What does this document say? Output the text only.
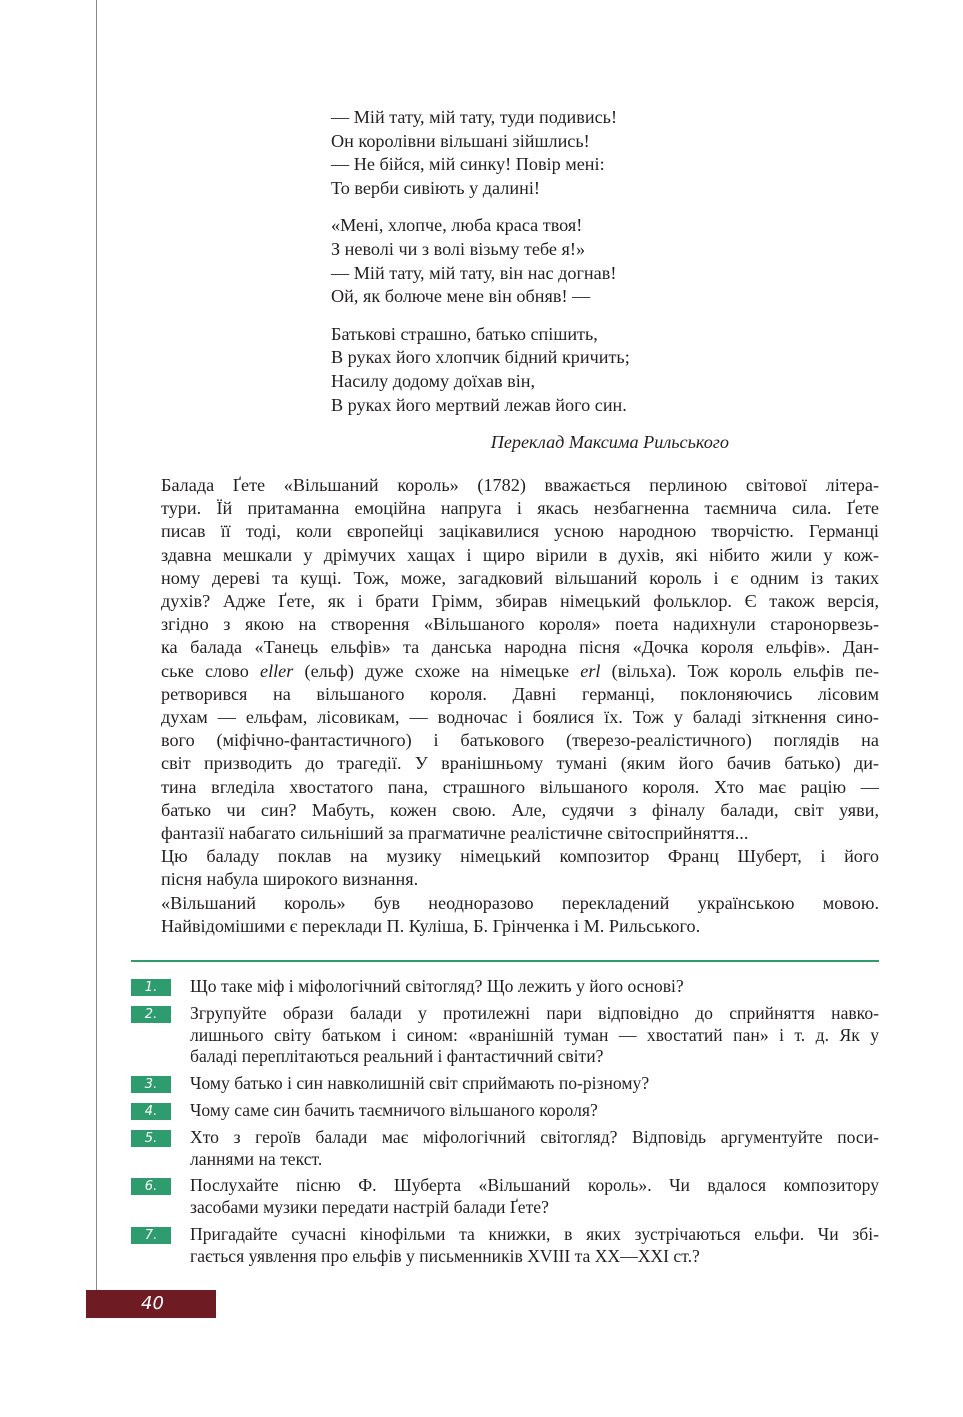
— Мій тату, мій тату, туди подивись!
Он королівни вільшані зійшлись!
— Не бійся, мій синку! Повір мені:
То верби сивіють у далині!
«Мені, хлопче, люба краса твоя!
З неволі чи з волі візьму тебе я!»
— Мій тату, мій тату, він нас догнав!
Ой, як болюче мене він обняв! —
Батькові страшно, батько спішить,
В руках його хлопчик бідний кричить;
Насилу додому доїхав він,
В руках його мертвий лежав його син.
Переклад Максима Рильського

Балада Ґете «Вільшаний король» (1782) вважається перлиною світової літера-
тури. Їй притаманна емоційна напруга і якась незбагненна таємнича сила. Ґете
писав її тоді, коли європейці зацікавилися усною народною творчістю. Германці
здавна мешкали у дрімучих хащах і щиро вірили в духів, які нібито жили у кож-
ному дереві та кущі. Тож, може, загадковий вільшаний король і є одним із таких
духів? Адже Ґете, як і брати Грімм, збирав німецький фольклор. Є також версія,
згідно з якою на створення «Вільшаного короля» поета надихнули старонорвезь-
ка балада «Танець ельфів» та данська народна пісня «Дочка короля ельфів». Дан-
ське слово eller (ельф) дуже схоже на німецьке erl (вільха). Тож король ельфів пе-
ретворився на вільшаного короля. Давні германці, поклоняючись лісовим
духам — ельфам, лісовикам, — водночас і боялися їх. Тож у баладі зіткнення сино-
вого (міфічно-фантастичного) і батькового (тверезо-реалістичного) поглядів на
світ призводить до трагедії. У вранішньому тумані (яким його бачив батько) ди-
тина вгледіла хвостатого пана, страшного вільшаного короля. Хто має рацію —
батько чи син? Мабуть, кожен свою. Але, судячи з фіналу балади, світ уяви,
фантазії набагато сильніший за прагматичне реалістичне світосприйняття...

Цю баладу поклав на музику німецький композитор Франц Шуберт, і його
пісня набула широкого визнання.

«Вільшаний король» був неодноразово перекладений українською мовою.
Найвідомішими є переклади П. Куліша, Б. Грінченка і М. Рильського.

1.	Що таке міф і міфологічний світогляд? Що лежить у його основі?
2.	Згрупуйте образи балади у протилежні пари відповідно до сприйняття навко-
лишнього світу батьком і сином: «вранішній туман — хвостатий пан» і т. д. Як у
баладі переплітаються реальний і фантастичний світи?
3.	Чому батько і син навколишній світ сприймають по-різному?
4.	Чому саме син бачить таємничого вільшаного короля?
5.	Хто з героїв балади має міфологічний світогляд? Відповідь аргументуйте поси-
ланнями на текст.
6.	Послухайте пісню Ф. Шуберта «Вільшаний король». Чи вдалося композитору
засобами музики передати настрій балади Ґете?
7.	Пригадайте сучасні кінофільми та книжки, в яких зустрічаються ельфи. Чи збі-
гається уявлення про ельфів у письменників XVIII та XX—XXI ст.?
40
